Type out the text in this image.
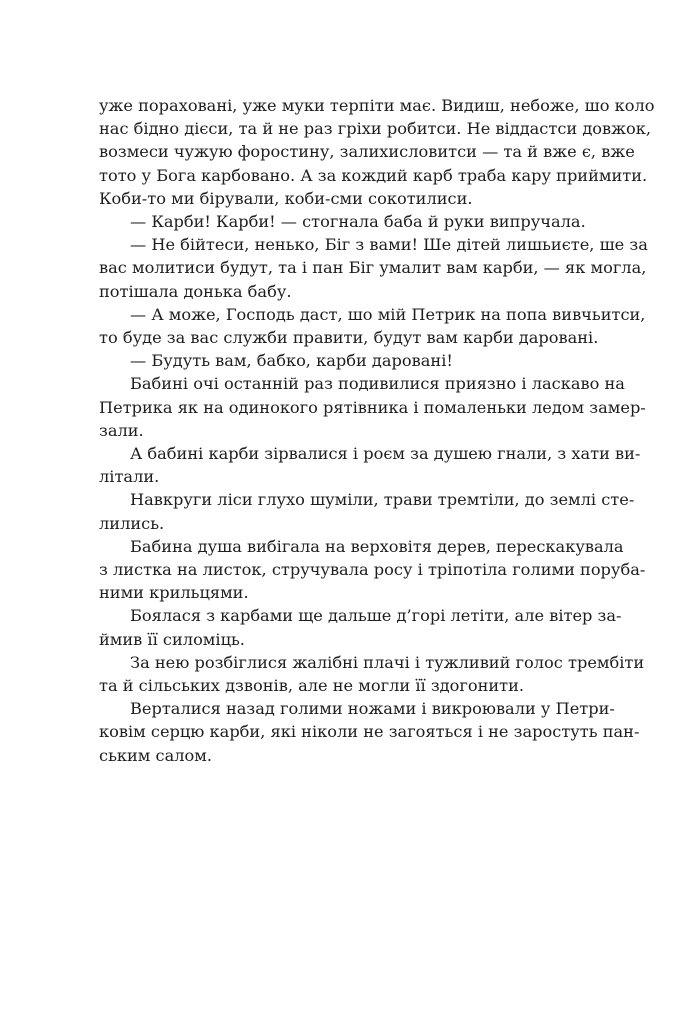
уже пораховані, уже муки терпіти має. Видиш, небоже, шо коло
нас бідно дієси, та й не раз гріхи робитси. Не віддастси довжок,
возмеси чужую форостину, залихисловитси — та й вже є, вже
тото у Бога карбовано. А за кождий карб траба кару приймити.
Коби-то ми бірували, коби-сми сокотилиси.
— Карби! Карби! — стогнала баба й руки випручала.
— Не бійтеси, ненько, Біг з вами! Ше дітей лишьиєте, ше за
вас молитиси будут, та і пан Біг умалит вам карби, — як могла,
потішала донька бабу.
— А може, Господь даст, шо мій Петрик на попа вивчьитси,
то буде за вас служби правити, будут вам карби даровані.
— Будуть вам, бабко, карби даровані!
Бабині очі останній раз подивилися приязно і ласкаво на
Петрика як на одинокого рятівника і помаленьки ледом замер-
зали.
А бабині карби зірвалися і роєм за душею гнали, з хати ви-
літали.
Навкруги ліси глухо шуміли, трави тремтіли, до землі сте-
лились.
Бабина душа вибігала на верховітя дерев, перескакувала
з листка на листок, стручувала росу і тріпотіла голими поруба-
ними крильцями.
Боялася з карбами ще дальше д’горі летіти, але вітер за-
ймив її силоміць.
За нею розбіглися жалібні плачі і тужливий голос трембіти
та й сільських дзвонів, але не могли її здогонити.
Верталися назад голими ножами і викроювали у Петри-
ковім серцю карби, які ніколи не загояться і не заростуть пан-
ським салом.
